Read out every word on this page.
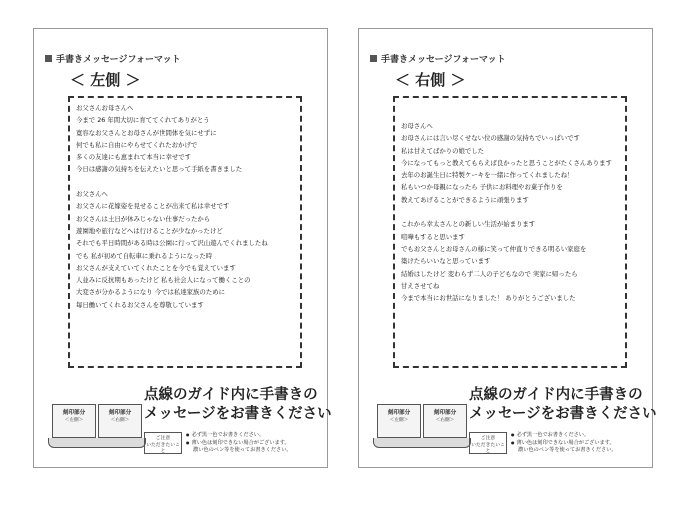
手書きメッセージフォーマット
＜ 左側 ＞
お父さんお母さんへ
今まで 26 年間大切に育ててくれてありがとう
寛容なお父さんとお母さんが世間体を気にせずに
何でも私に自由にやらせてくれたおかげで
多くの友達にも恵まれて本当に幸せです
今日は感謝の気持ちを伝えたいと思って手紙を書きました
お父さんへ
お父さんに花嫁姿を見せることが出来て私は幸せです
お父さんは土日が休みじゃない仕事だったから
遊園地や旅行などへは行けることが少なかったけど
それでも平日時間がある時は公園に行って沢山遊んでくれましたね
でも 私が初めて自転車に乗れるようになった時
お父さんが支えていてくれたことを今でも覚えています
人並みに反抗期もあったけど 私も社会人になって働くことの
大変さが分かるようになり 今では私達家族のために
毎日働いてくれるお父さんを尊敬しています
刻印部分
＜左側＞
刻印部分
＜右側＞
点線のガイド内に手書きの
メッセージをお書きください
ご注意
いただきたいこと
● 必ず黒一色でお書きください。
● 薄い色は刻印できない場合がございます。
濃い色のペン等を使ってお書きください。
手書きメッセージフォーマット
＜ 右側 ＞
お母さんへ
お母さんには言い尽くせない位の感謝の気持ちでいっぱいです
私は甘えてばかりの娘でした
今になってもっと教えてもらえば良かったと思うことがたくさんあります
去年のお誕生日に特製ケーキを一緒に作ってくれましたね！
私もいつか母親になったら 子供にお料理やお菓子作りを
教えてあげることができるように頑張ります
これから幸太さんとの新しい生活が始まります
喧嘩もすると思います
でもお父さんとお母さんの様に笑って仲直りできる明るい家庭を
築けたらいいなと思っています
結婚はしたけど 変わらず二人の子どもなので 実家に帰ったら
甘えさせてね
今まで本当にお世話になりました！ ありがとうございました
刻印部分
＜左側＞
刻印部分
＜右側＞
点線のガイド内に手書きの
メッセージをお書きください
ご注意
いただきたいこと
● 必ず黒一色でお書きください。
● 薄い色は刻印できない場合がございます。
濃い色のペン等を使ってお書きください。
